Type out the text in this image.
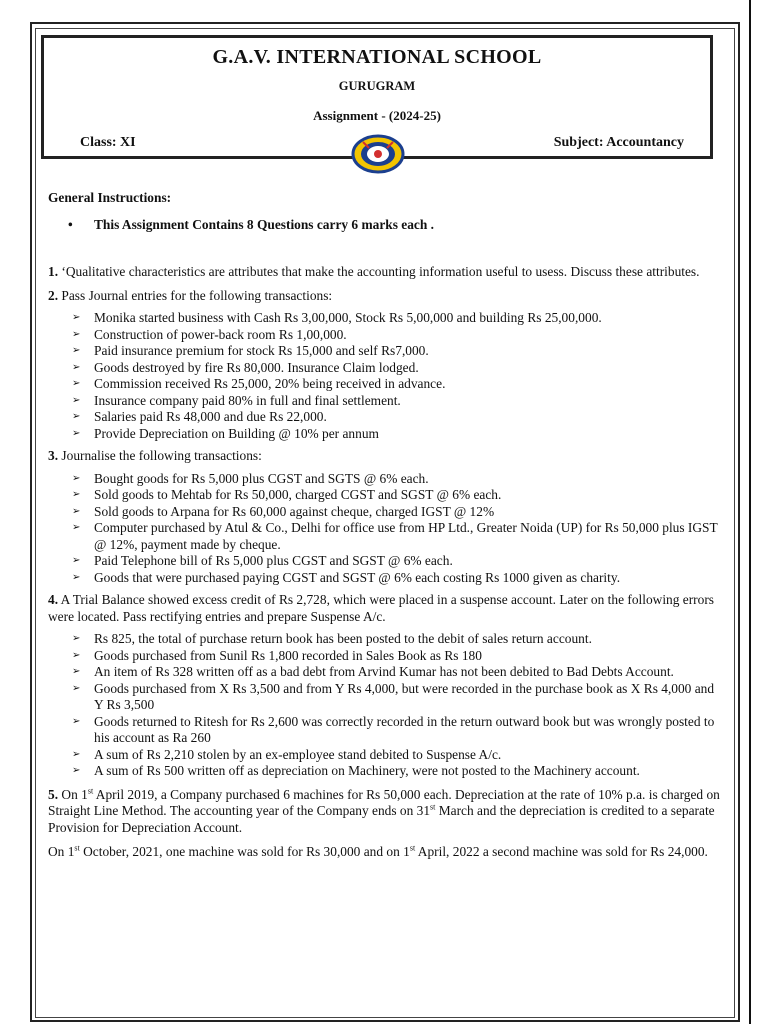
G.A.V. INTERNATIONAL SCHOOL
GURUGRAM
Assignment - (2024-25)
Class: XI	Subject: Accountancy

General Instructions:

• This Assignment Contains 8 Questions carry 6 marks each .

1. ‘Qualitative characteristics are attributes that make the accounting information useful to usess. Discuss these attributes.

2. Pass Journal entries for the following transactions:

➢ Monika started business with Cash Rs 3,00,000, Stock Rs 5,00,000 and building Rs 25,00,000.
➢ Construction of power-back room Rs 1,00,000.
➢ Paid insurance premium for stock Rs 15,000 and self Rs7,000.
➢ Goods destroyed by fire Rs 80,000. Insurance Claim lodged.
➢ Commission received Rs 25,000, 20% being received in advance.
➢ Insurance company paid 80% in full and final settlement.
➢ Salaries paid Rs 48,000 and due Rs 22,000.
➢ Provide Depreciation on Building @ 10% per annum

3. Journalise the following transactions:

➢ Bought goods for Rs 5,000 plus CGST and SGTS @ 6% each.
➢ Sold goods to Mehtab for Rs 50,000, charged CGST and SGST @ 6% each.
➢ Sold goods to Arpana for Rs 60,000 against cheque, charged IGST @ 12%
➢ Computer purchased by Atul & Co., Delhi for office use from HP Ltd., Greater Noida (UP) for Rs 50,000 plus IGST @ 12%, payment made by cheque.
➢ Paid Telephone bill of Rs 5,000 plus CGST and SGST @ 6% each.
➢ Goods that were purchased paying CGST and SGST @ 6% each costing Rs 1000 given as charity.

4. A Trial Balance showed excess credit of Rs 2,728, which were placed in a suspense account. Later on the following errors were located. Pass rectifying entries and prepare Suspense A/c.

➢ Rs 825, the total of purchase return book has been posted to the debit of sales return account.
➢ Goods purchased from Sunil Rs 1,800 recorded in Sales Book as Rs 180
➢ An item of Rs 328 written off as a bad debt from Arvind Kumar has not been debited to Bad Debts Account.
➢ Goods purchased from X Rs 3,500 and from Y Rs 4,000, but were recorded in the purchase book as X Rs 4,000 and Y Rs 3,500
➢ Goods returned to Ritesh for Rs 2,600 was correctly recorded in the return outward book but was wrongly posted to his account as Ra 260
➢ A sum of Rs 2,210 stolen by an ex-employee stand debited to Suspense A/c.
➢ A sum of Rs 500 written off as depreciation on Machinery, were not posted to the Machinery account.

5. On 1st April 2019, a Company purchased 6 machines for Rs 50,000 each. Depreciation at the rate of 10% p.a. is charged on Straight Line Method. The accounting year of the Company ends on 31st March and the depreciation is credited to a separate Provision for Depreciation Account.

On 1st October, 2021, one machine was sold for Rs 30,000 and on 1st April, 2022 a second machine was sold for Rs 24,000.
